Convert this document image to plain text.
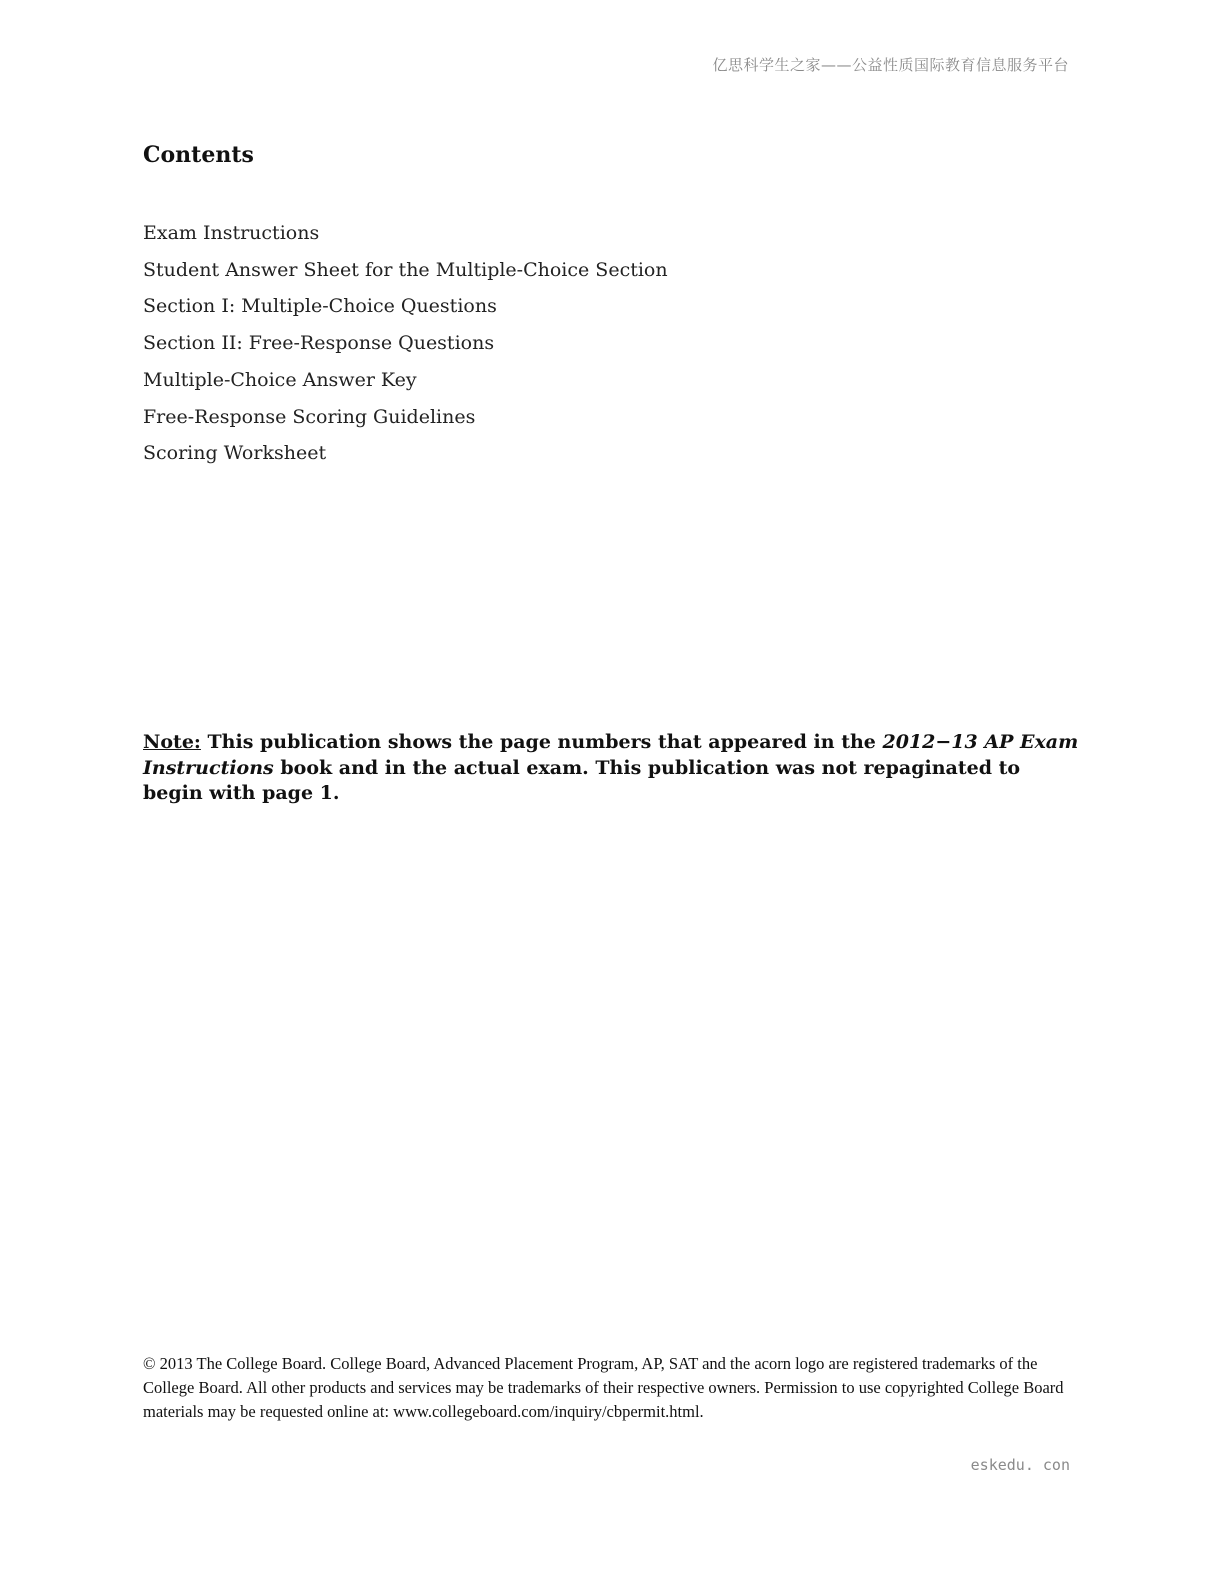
亿思科学生之家——公益性质国际教育信息服务平台
Contents
Exam Instructions
Student Answer Sheet for the Multiple-Choice Section
Section I: Multiple-Choice Questions
Section II: Free-Response Questions
Multiple-Choice Answer Key
Free-Response Scoring Guidelines
Scoring Worksheet

Note: This publication shows the page numbers that appeared in the 2012−13 AP Exam Instructions book and in the actual exam. This publication was not repaginated to begin with page 1.

© 2013 The College Board. College Board, Advanced Placement Program, AP, SAT and the acorn logo are registered trademarks of the College Board. All other products and services may be trademarks of their respective owners. Permission to use copyrighted College Board materials may be requested online at: www.collegeboard.com/inquiry/cbpermit.html.

eskedu. con
